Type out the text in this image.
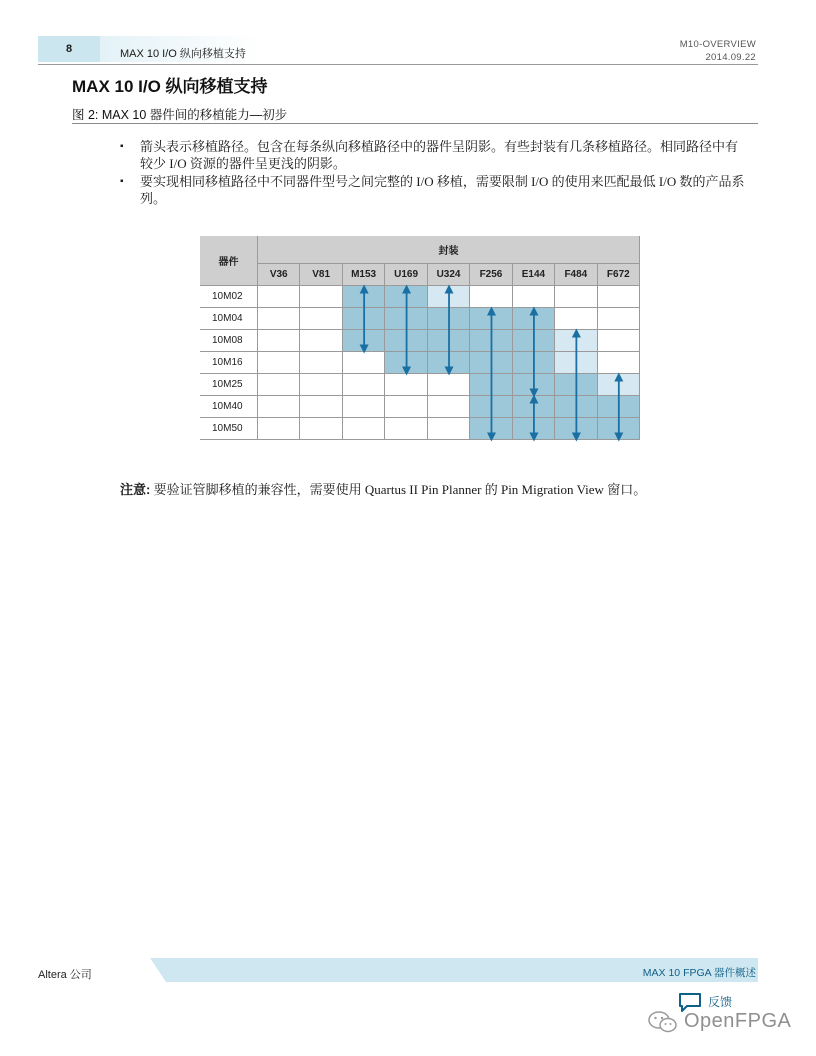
8	MAX 10 I/O 纵向移植支持
M10-OVERVIEW
2014.09.22
MAX 10 I/O 纵向移植支持
图 2: MAX 10 器件间的移植能力—初步
▪ 箭头表示移植路径。包含在每条纵向移植路径中的器件呈阴影。有些封装有几条移植路径。相同路径中有较少 I/O 资源的器件呈更浅的阴影。
▪ 要实现相同移植路径中不同器件型号之间完整的 I/O 移植，需要限制 I/O 的使用来匹配最低 I/O 数的产品系列。
器件
封装
V36	V81	M153	U169	U324	F256	E144	F484	F672
10M02
10M04
10M08
10M16
10M25
10M40
10M50
注意: 要验证管脚移植的兼容性，需要使用 Quartus II Pin Planner 的 Pin Migration View 窗口。
Altera 公司	MAX 10 FPGA 器件概述
反馈
OpenFPGA
